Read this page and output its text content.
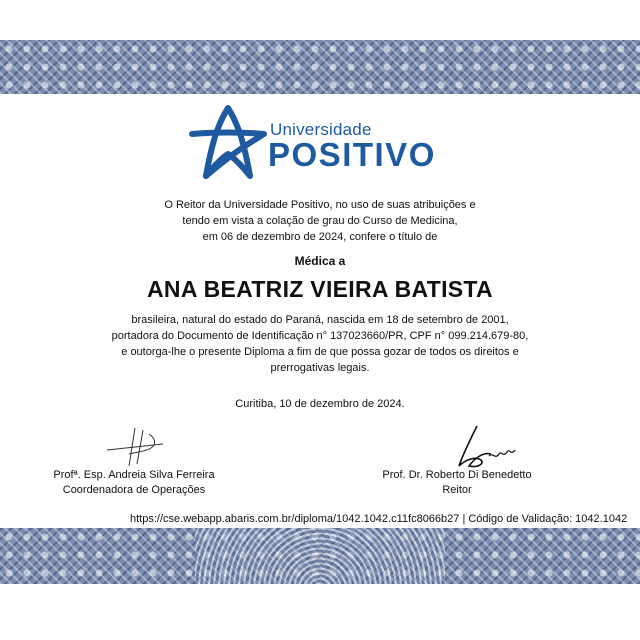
Universidade
POSITIVO
O Reitor da Universidade Positivo, no uso de suas atribuições e
tendo em vista a colação de grau do Curso de Medicina,
em 06 de dezembro de 2024, confere o título de
Médica a
ANA BEATRIZ VIEIRA BATISTA
brasileira, natural do estado do Paraná, nascida em 18 de setembro de 2001,
portadora do Documento de Identificação n° 137023660/PR, CPF n° 099.214.679-80,
e outorga-lhe o presente Diploma a fim de que possa gozar de todos os direitos e
prerrogativas legais.
Curitiba, 10 de dezembro de 2024.
Profª. Esp. Andreia Silva Ferreira
Coordenadora de Operações
Prof. Dr. Roberto Di Benedetto
Reitor
https://cse.webapp.abaris.com.br/diploma/1042.1042.c11fc8066b27 | Código de Validação: 1042.1042
